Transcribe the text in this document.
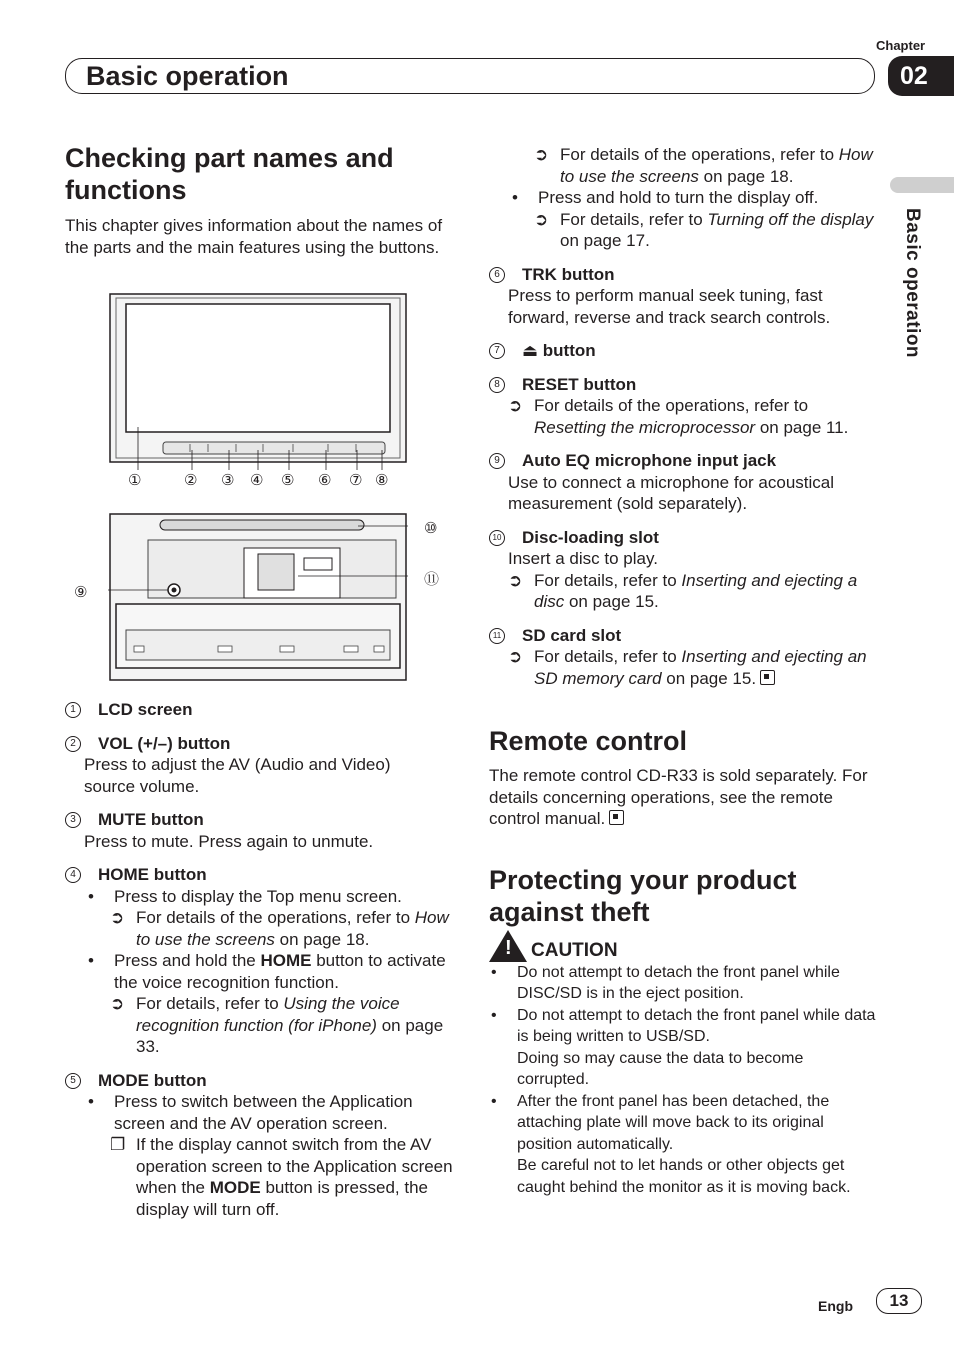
Chapter
Basic operation	02
Basic operation
Checking part names and functions

This chapter gives information about the names of the parts and the main features using the buttons.

①	② ③ ④ ⑤ ⑥ ⑦ ⑧
⑩
⑪
⑨
1	LCD screen
2	VOL (+/–) button

Press to adjust the AV (Audio and Video) source volume.

3	MUTE button

Press to mute. Press again to unmute.

4	HOME button
•	Press to display the Top menu screen.
➲ For details of the operations, refer to How to use the screens on page 18.
•	Press and hold the HOME button to activate the voice recognition function.
➲ For details, refer to Using the voice recognition function (for iPhone) on page 33.
5	MODE button
•	Press to switch between the Application screen and the AV operation screen.
❐ If the display cannot switch from the AV operation screen to the Application screen when the MODE button is pressed, the display will turn off.
➲ For details of the operations, refer to How to use the screens on page 18.
•	Press and hold to turn the display off.
➲ For details, refer to Turning off the display on page 17.
6	TRK button

Press to perform manual seek tuning, fast forward, reverse and track search controls.

7	⏏ button
8	RESET button
➲ For details of the operations, refer to Resetting the microprocessor on page 11.
9	Auto EQ microphone input jack

Use to connect a microphone for acoustical measurement (sold separately).

10 Disc-loading slot

Insert a disc to play.

➲ For details, refer to Inserting and ejecting a disc on page 15.
11 SD card slot
➲ For details, refer to Inserting and ejecting an SD memory card on page 15.
Remote control

The remote control CD-R33 is sold separately. For details concerning operations, see the remote control manual.

Protecting your product against theft
! CAUTION
•	Do not attempt to detach the front panel while DISC/SD is in the eject position.
•	Do not attempt to detach the front panel while data is being written to USB/SD.
Doing so may cause the data to become corrupted.
•	After the front panel has been detached, the attaching plate will move back to its original position automatically.
Be careful not to let hands or other objects get caught behind the monitor as it is moving back.
Engb	13
